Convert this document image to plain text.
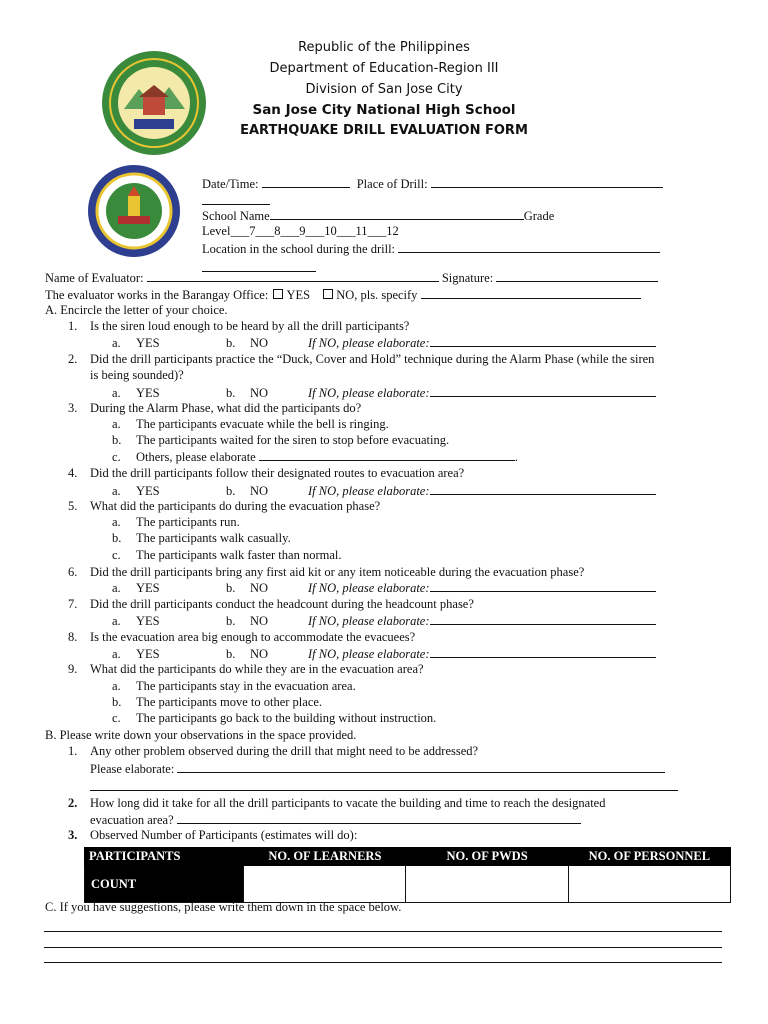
Republic of the Philippines
Department of Education-Region III
Division of San Jose City
San Jose City National High School
EARTHQUAKE DRILL EVALUATION FORM
Date/Time:	Place of Drill:
School Name	Grade
Level___7___8___9___10___11___12
Location in the school during the drill:
Name of Evaluator:	Signature:
The evaluator works in the Barangay Office: YES NO, pls. specify
A. Encircle the letter of your choice.
1. Is the siren loud enough to be heard by all the drill participants?
a. YES	b. NO	If NO, please elaborate:
2. Did the drill participants practice the “Duck, Cover and Hold” technique during the Alarm Phase (while the siren
is being sounded)?
a. YES	b. NO	If NO, please elaborate:
3. During the Alarm Phase, what did the participants do?
a. The participants evacuate while the bell is ringing.
b. The participants waited for the siren to stop before evacuating.
c. Others, please elaborate	.
4. Did the drill participants follow their designated routes to evacuation area?
a. YES	b. NO	If NO, please elaborate:
5. What did the participants do during the evacuation phase?
a. The participants run.
b. The participants walk casually.
c. The participants walk faster than normal.
6. Did the drill participants bring any first aid kit or any item noticeable during the evacuation phase?
a. YES	b. NO	If NO, please elaborate:
7. Did the drill participants conduct the headcount during the headcount phase?
a. YES	b. NO	If NO, please elaborate:
8. Is the evacuation area big enough to accommodate the evacuees?
a. YES	b. NO	If NO, please elaborate:
9. What did the participants do while they are in the evacuation area?
a. The participants stay in the evacuation area.
b. The participants move to other place.
c. The participants go back to the building without instruction.
B. Please write down your observations in the space provided.
1. Any other problem observed during the drill that might need to be addressed?
Please elaborate:
2. How long did it take for all the drill participants to vacate the building and time to reach the designated
evacuation area?
3. Observed Number of Participants (estimates will do):
PARTICIPANTS	NO. OF LEARNERS	NO. OF PWDS	NO. OF PERSONNEL
COUNT			
C. If you have suggestions, please write them down in the space below.
